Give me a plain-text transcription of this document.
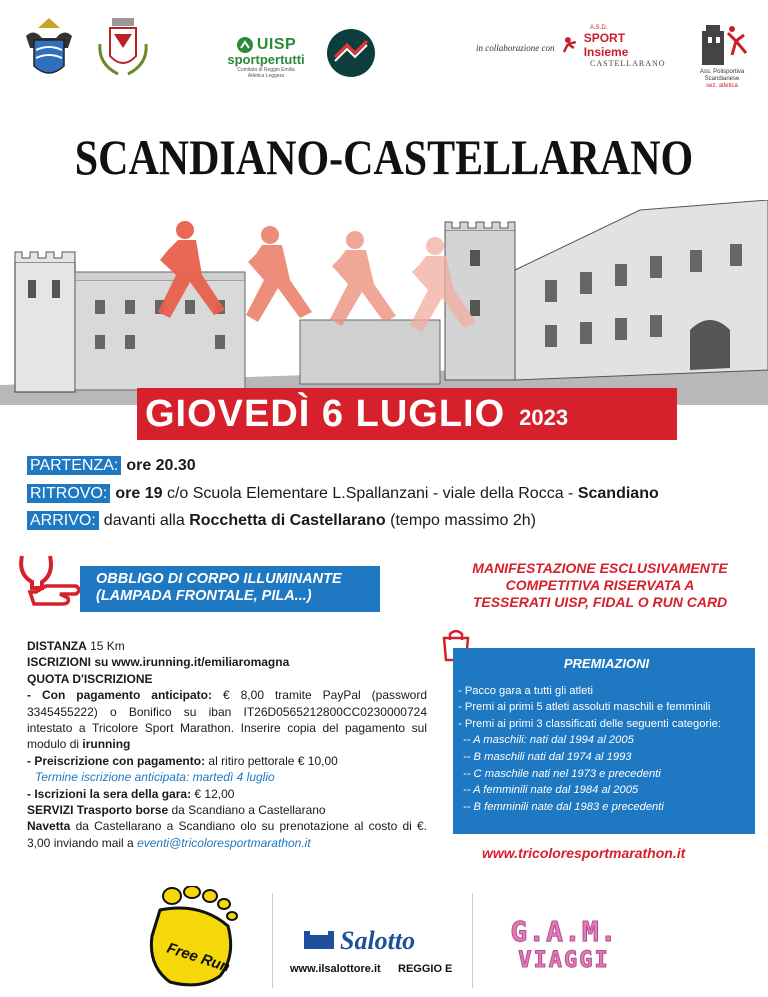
UISP
sportpertutti
Comitato di Reggio Emilia
Atletica Leggera
in collaborazione con
A.S.D.
SPORT Insieme
CASTELLARANO
Ass. Polisportiva
Scandianese
sez. atletica
SCANDIANO-CASTELLARANO
GIOVEDÌ 6 LUGLIO 2023
PARTENZA: ore 20.30
RITROVO: ore 19 c/o Scuola Elementare L.Spallanzani - viale della Rocca - Scandiano
ARRIVO: davanti alla Rocchetta di Castellarano (tempo massimo 2h)
OBBLIGO DI CORPO ILLUMINANTE
(LAMPADA FRONTALE, PILA...)
MANIFESTAZIONE ESCLUSIVAMENTE
COMPETITIVA RISERVATA A
TESSERATI UISP, FIDAL O RUN CARD

DISTANZA 15 Km

ISCRIZIONI su www.irunning.it/emiliaromagna

QUOTA D'ISCRIZIONE

- Con pagamento anticipato: € 8,00 tramite PayPal (password 3345455222) o Bonifico su iban IT26D0565212800CC0230000724 intestato a Tricolore Sport Marathon. Inserire copia del pagamento sul modulo di irunning

- Preiscrizione con pagamento: al ritiro pettorale € 10,00

Termine iscrizione anticipata: martedì 4 luglio

- Iscrizioni la sera della gara: € 12,00

SERVIZI Trasporto borse da Scandiano a Castellarano

Navetta da Castellarano a Scandiano olo su prenotazione al costo di €. 3,00 inviando mail a eventi@tricoloresportmarathon.it

PREMIAZIONI
- Pacco gara a tutti gli atleti
- Premi ai primi 5 atleti assoluti maschili e femminili
- Premi ai primi 3 classificati delle seguenti categorie:
-- A maschili: nati dal 1994 al 2005
-- B maschili nati dal 1974 al 1993
-- C maschile nati nel 1973 e precedenti
-- A femminili nate dal 1984 al 2005
-- B femminili nate dal 1983 e precedenti
www.tricoloresportmarathon.it
Free Run	Salotto
www.ilsalottore.it REGGIO E
G.A.M.
VIAGGI
